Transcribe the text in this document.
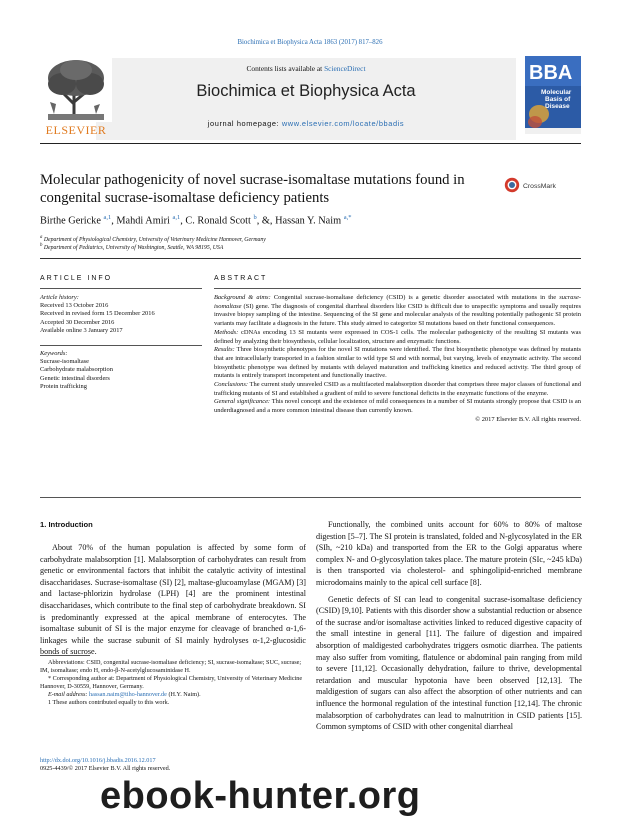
Biochimica et Biophysica Acta 1863 (2017) 817–826
Contents lists available at ScienceDirect
Biochimica et Biophysica Acta
journal homepage: www.elsevier.com/locate/bbadis
ELSEVIER
BBA
Molecular
Basis of
Disease
Molecular pathogenicity of novel sucrase-isomaltase mutations found in congenital sucrase-isomaltase deficiency patients
CrossMark
Birthe Gericke $^{a,1}$, Mahdi Amiri $^{a,1}$, C. Ronald Scott $^b$, &, Hassan Y. Naim $^{a,*}$
$^a$ Department of Physiological Chemistry, University of Veterinary Medicine Hannover, Germany
$^b$ Department of Pediatrics, University of Washington, Seattle, WA 98195, USA
ARTICLE INFO
Article history:
Received 13 October 2016
Received in revised form 15 December 2016
Accepted 30 December 2016
Available online 3 January 2017
Keywords:
Sucrase-isomaltase
Carbohydrate malabsorption
Genetic intestinal disorders
Protein trafficking
ABSTRACT

Background & aims: Congenital sucrase-isomaltase deficiency (CSID) is a genetic disorder associated with mutations in the sucrase-isomaltase (SI) gene. The diagnosis of congenital diarrheal disorders like CSID is difficult due to unspecific symptoms and usually requires invasive biopsy sampling of the intestine. Sequencing of the SI gene and molecular analysis of the resulting potentially pathogenic SI protein variants may facilitate a diagnosis in the future. This study aimed to categorize SI mutations based on their functional consequences.

Methods: cDNAs encoding 13 SI mutants were expressed in COS-1 cells. The molecular pathogenicity of the resulting SI mutants was defined by analyzing their biosynthesis, cellular localization, structure and enzymatic functions.

Results: Three biosynthetic phenotypes for the novel SI mutations were identified. The first biosynthetic phenotype was defined by mutants that are intracellularly transported in a fashion similar to wild type SI and with normal, but varying, levels of enzymatic activity. The second biosynthetic phenotype was defined by mutants with delayed maturation and trafficking kinetics and reduced activity. The third group of mutants is entirely transport incompetent and functionally inactive.

Conclusions: The current study unraveled CSID as a multifaceted malabsorption disorder that comprises three major classes of functional and trafficking mutants of SI and established a gradient of mild to severe functional deficits in the enzymatic functions of the enzyme.

General significance: This novel concept and the existence of mild consequences in a number of SI mutants strongly propose that CSID is an underdiagnosed and a more common intestinal disease than currently known.

© 2017 Elsevier B.V. All rights reserved.

1. Introduction

About 70% of the human population is affected by some form of carbohydrate malabsorption [1]. Malabsorption of carbohydrates can result from genetic or environmental factors that inhibit the catalytic activity of intestinal disaccharidases. Sucrase-isomaltase (SI) [2], maltase-glucoamylase (MGAM) [3] and lactase-phlorizin hydrolase (LPH) [4] are the prominent intestinal disaccharidases, which contribute to the final step of carbohydrate breakdown. SI is predominantly expressed at the apical membrane of enterocytes. The isomaltase subunit of SI is the major enzyme for cleavage of branched α-1,6-linkages while the sucrase subunit of SI mainly hydrolyses α-1,2-glucosidic bonds of sucrose.

Functionally, the combined units account for 60% to 80% of maltose digestion [5–7]. The SI protein is translated, folded and N-glycosylated in the ER (SIh, ~210 kDa) and transported from the ER to the Golgi apparatus where complex N- and O-glycosylation takes place. The mature protein (SIc, ~245 kDa) is then transported via cholesterol- and sphingolipid-enriched membrane microdomains mainly to the apical cell surface [8].

Genetic defects of SI can lead to congenital sucrase-isomaltase deficiency (CSID) [9,10]. Patients with this disorder show a substantial reduction or absence of the sucrase and/or isomaltase activities linked to reduced digestive capacity of the small intestine in general [11]. The failure of digestion and impaired absorption of maldigested carbohydrates triggers osmotic diarrhea. The patients may also suffer from vomiting, flatulence or abdominal pain ranging from mild to severe [11,12]. Occasionally dehydration, failure to thrive, developmental retardation and muscular hypotonia have been observed [12,13]. The maldigestion of sugars can also affect the absorption of other nutrients and can influence the hormonal regulation of the intestinal function [12,14]. The chronic malabsorption of carbohydrates can lead to malnutrition in CSID patients [15]. Common symptoms of CSID with other congenital diarrheal

Abbreviations: CSID, congenital sucrase-isomaltase deficiency; SI, sucrase-isomaltase; SUC, sucrase; IM, isomaltase; endo H, endo-β-N-acetylglucosaminidase H.

* Corresponding author at: Department of Physiological Chemistry, University of Veterinary Medicine Hannover, D-30559, Hannover, Germany.

E-mail address: hassan.naim@tiho-hannover.de (H.Y. Naim).

1 These authors contributed equally to this work.

http://dx.doi.org/10.1016/j.bbadis.2016.12.017
0925-4439/© 2017 Elsevier B.V. All rights reserved.
ebook-hunter.org
